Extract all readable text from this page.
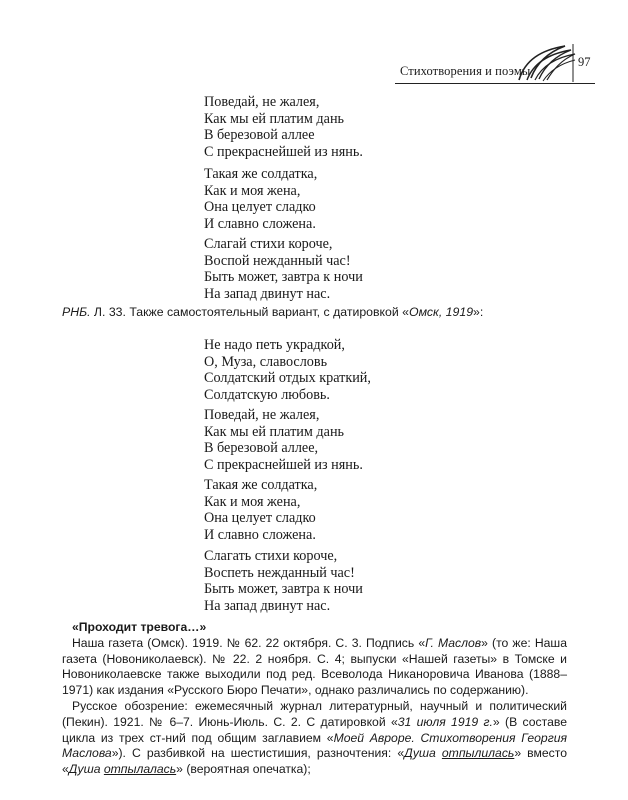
Стихотворения и поэмы
97
Поведай, не жалея,
Как мы ей платим дань
В березовой аллее
С прекраснейшей из нянь.
Такая же солдатка,
Как и моя жена,
Она целует сладко
И славно сложена.
Слагай стихи короче,
Воспой нежданный час!
Быть может, завтра к ночи
На запад двинут нас.
РНБ. Л. 33. Также самостоятельный вариант, с датировкой «Омск, 1919»:
Не надо петь украдкой,
О, Муза, славословь
Солдатский отдых краткий,
Солдатскую любовь.
Поведай, не жалея,
Как мы ей платим дань
В березовой аллее,
С прекраснейшей из нянь.
Такая же солдатка,
Как и моя жена,
Она целует сладко
И славно сложена.
Слагать стихи короче,
Воспеть нежданный час!
Быть может, завтра к ночи
На запад двинут нас.
«Проходит тревога…»

Наша газета (Омск). 1919. № 62. 22 октября. С. 3. Подпись «Г. Маслов» (то же: Наша газета (Новониколаевск). № 22. 2 ноября. С. 4; выпуски «Нашей газеты» в Томске и Новониколаевске также выходили под ред. Всеволода Никаноровича Иванова (1888–1971) как издания «Русского Бюро Печати», однако различались по содержанию).

Русское обозрение: ежемесячный журнал литературный, научный и политический (Пекин). 1921. № 6–7. Июнь-Июль. С. 2. С датировкой «31 июля 1919 г.» (В составе цикла из трех ст-ний под общим заглавием «Моей Авроре. Стихотворения Георгия Маслова»). С разбивкой на шестистишия, разночтения: «Душа отпылилась» вместо «Душа отпылалась» (вероятная опечатка);
